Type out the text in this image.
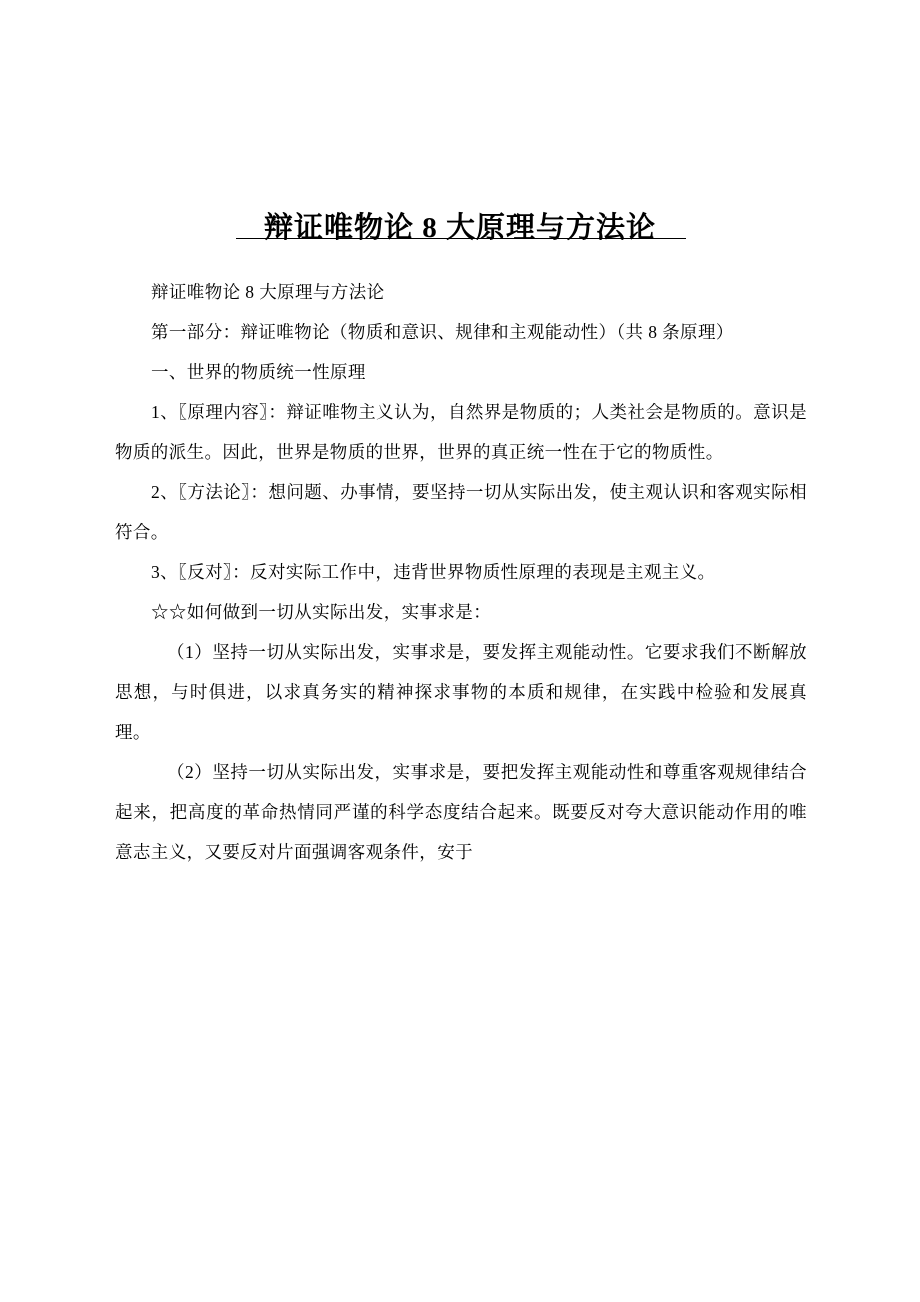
辩证唯物论 8 大原理与方法论

辩证唯物论 8 大原理与方法论

第一部分：辩证唯物论（物质和意识、规律和主观能动性）（共 8 条原理）

一、世界的物质统一性原理

1、〖原理内容〗：辩证唯物主义认为，自然界是物质的；人类社会是物质的。意识是物质的派生。因此，世界是物质的世界，世界的真正统一性在于它的物质性。

2、〖方法论〗：想问题、办事情，要坚持一切从实际出发，使主观认识和客观实际相符合。

3、〖反对〗：反对实际工作中，违背世界物质性原理的表现是主观主义。

☆☆如何做到一切从实际出发，实事求是：

（1）坚持一切从实际出发，实事求是，要发挥主观能动性。它要求我们不断解放思想，与时俱进，以求真务实的精神探求事物的本质和规律，在实践中检验和发展真理。

（2）坚持一切从实际出发，实事求是，要把发挥主观能动性和尊重客观规律结合起来，把高度的革命热情同严谨的科学态度结合起来。既要反对夸大意识能动作用的唯意志主义，又要反对片面强调客观条件，安于
